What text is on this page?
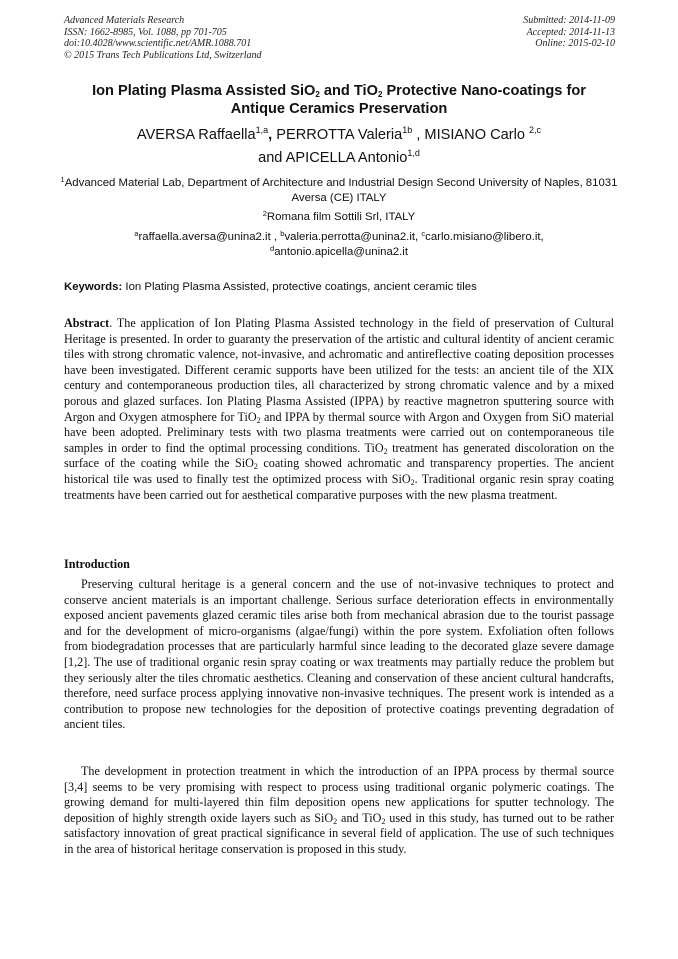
Advanced Materials Research
ISSN: 1662-8985, Vol. 1088, pp 701-705
doi:10.4028/www.scientific.net/AMR.1088.701
© 2015 Trans Tech Publications Ltd, Switzerland
Submitted: 2014-11-09
Accepted: 2014-11-13
Online: 2015-02-10
Ion Plating Plasma Assisted SiO$_2$ and TiO$_2$ Protective Nano-coatings for
Antique Ceramics Preservation
AVERSA Raffaella$^{1,a}$, PERROTTA Valeria$^{1b}$ , MISIANO Carlo $^{2,c}$
and APICELLA Antonio$^{1,d}$
$^1$Advanced Material Lab, Department of Architecture and Industrial Design Second University of Naples, 81031 Aversa (CE) ITALY
$^2$Romana film Sottili Srl, ITALY
$^a$raffaella.aversa@unina2.it , $^b$valeria.perrotta@unina2.it, $^c$carlo.misiano@libero.it,
$^d$antonio.apicella@unina2.it
Keywords: Ion Plating Plasma Assisted, protective coatings, ancient ceramic tiles
Abstract. The application of Ion Plating Plasma Assisted technology in the field of preservation of Cultural Heritage is presented. In order to guaranty the preservation of the artistic and cultural identity of ancient ceramic tiles with strong chromatic valence, not-invasive, and achromatic and antireflective coating deposition processes have been investigated. Different ceramic supports have been utilized for the tests: an ancient tile of the XIX century and contemporaneous production tiles, all characterized by strong chromatic valence and by a mixed porous and glazed surfaces. Ion Plating Plasma Assisted (IPPA) by reactive magnetron sputtering source with Argon and Oxygen atmosphere for TiO$_2$ and IPPA by thermal source with Argon and Oxygen from SiO material have been adopted. Preliminary tests with two plasma treatments were carried out on contemporaneous tile samples in order to find the optimal processing conditions. TiO$_2$ treatment has generated discoloration on the surface of the coating while the SiO$_2$ coating showed achromatic and transparency properties. The ancient historical tile was used to finally test the optimized process with SiO$_2$. Traditional organic resin spray coating treatments have been carried out for aesthetical comparative purposes with the new plasma treatment.
Introduction
Preserving cultural heritage is a general concern and the use of not-invasive techniques to protect and conserve ancient materials is an important challenge. Serious surface deterioration effects in environmentally exposed ancient pavements glazed ceramic tiles arise both from mechanical abrasion due to the tourist passage and for the development of micro-organisms (algae/fungi) within the pore system. Exfoliation often follows from biodegradation processes that are particularly harmful since leading to the decorated glaze severe damage [1,2]. The use of traditional organic resin spray coating or wax treatments may partially reduce the problem but they seriously alter the tiles chromatic aesthetics. Cleaning and conservation of these ancient cultural handcrafts, therefore, need surface process applying innovative non-invasive techniques. The present work is intended as a contribution to propose new technologies for the deposition of protective coatings preventing degradation of ancient tiles.
The development in protection treatment in which the introduction of an IPPA process by thermal source [3,4] seems to be very promising with respect to process using traditional organic polymeric coatings. The growing demand for multi-layered thin film deposition opens new applications for sputter technology. The deposition of highly strength oxide layers such as SiO$_2$ and TiO$_2$ used in this study, has turned out to be rather satisfactory innovation of great practical significance in several field of application. The use of such techniques in the area of historical heritage conservation is proposed in this study.
